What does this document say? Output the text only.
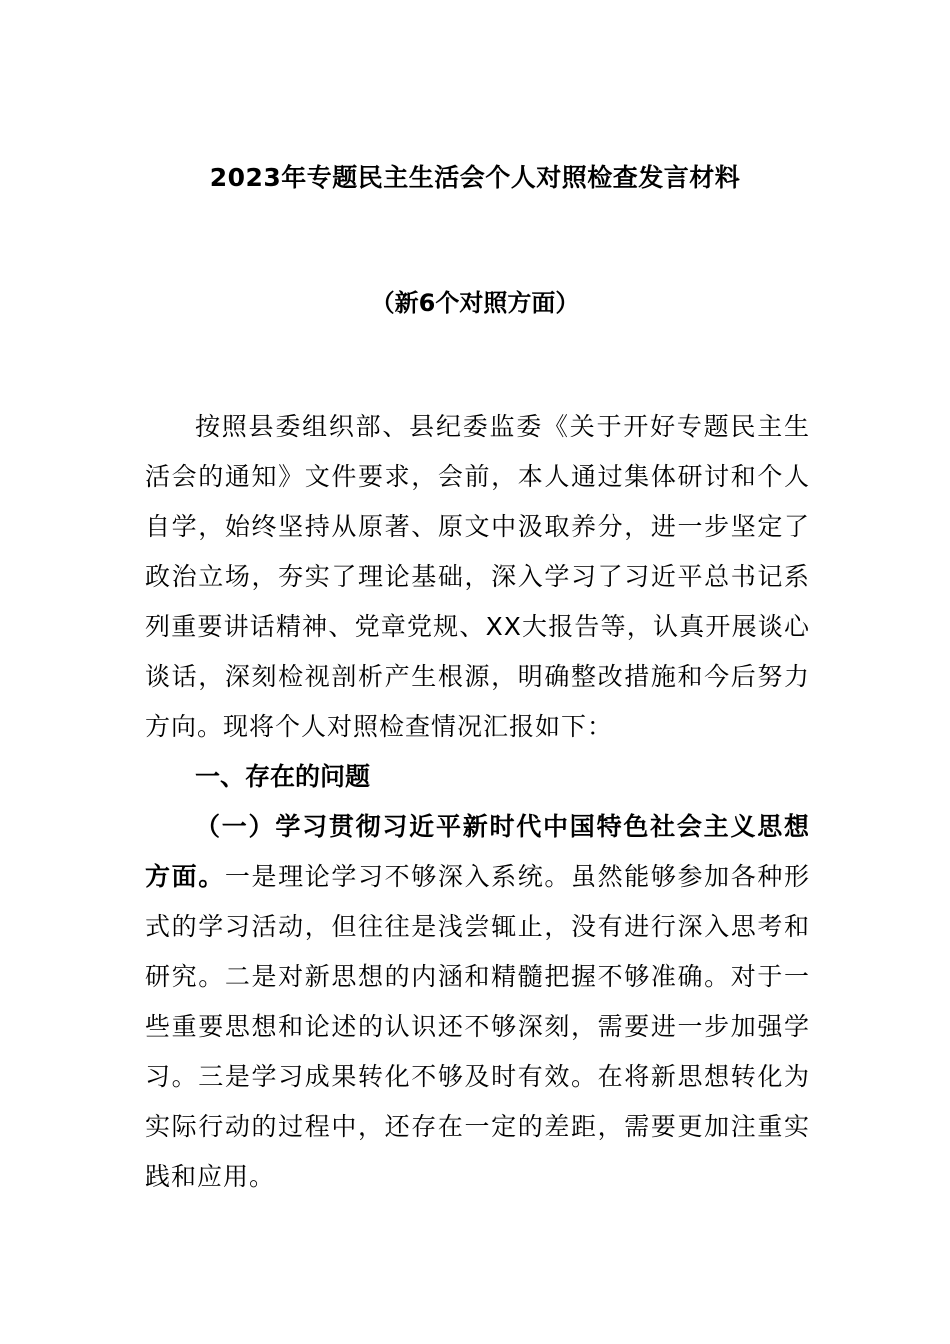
2023年专题民主生活会个人对照检查发言材料
（新6个对照方面）
按照县委组织部、县纪委监委《关于开好专题民主生活会的通知》文件要求，会前，本人通过集体研讨和个人自学，始终坚持从原著、原文中汲取养分，进一步坚定了政治立场，夯实了理论基础，深入学习了习近平总书记系列重要讲话精神、党章党规、XX大报告等，认真开展谈心谈话，深刻检视剖析产生根源，明确整改措施和今后努力方向。现将个人对照检查情况汇报如下：
一、存在的问题
（一）学习贯彻习近平新时代中国特色社会主义思想方面。一是理论学习不够深入系统。虽然能够参加各种形式的学习活动，但往往是浅尝辄止，没有进行深入思考和研究。二是对新思想的内涵和精髓把握不够准确。对于一些重要思想和论述的认识还不够深刻，需要进一步加强学习。三是学习成果转化不够及时有效。在将新思想转化为实际行动的过程中，还存在一定的差距，需要更加注重实践和应用。
